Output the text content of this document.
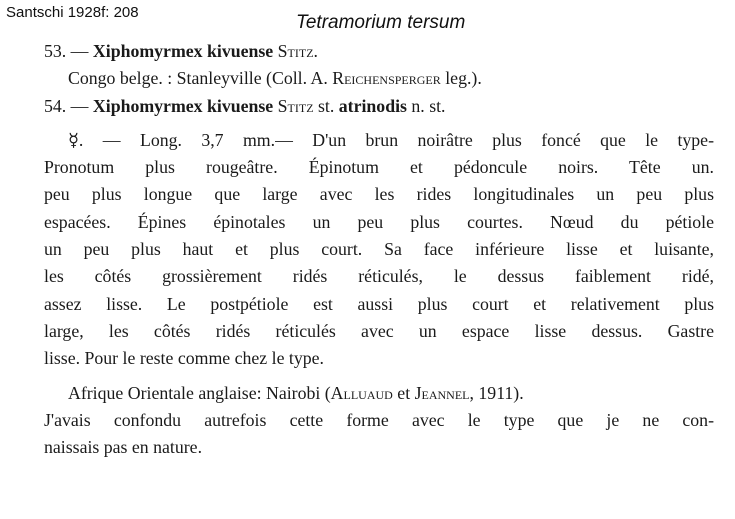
Santschi 1928f: 208	Tetramorium tersum
53. — Xiphomyrmex kivuense Stitz.
Congo belge. : Stanleyville (Coll. A. Reichensperger leg.).
54. — Xiphomyrmex kivuense Stitz st. atrinodis n. st.
☿. — Long. 3,7 mm.— D'un brun noirâtre plus foncé que le type-
Pronotum plus rougeâtre. Épinotum et pédoncule noirs. Tête un.
peu plus longue que large avec les rides longitudinales un peu plus
espacées. Épines épinotales un peu plus courtes. Nœud du pétiole
un peu plus haut et plus court. Sa face inférieure lisse et luisante,
les côtés grossièrement ridés réticulés, le dessus faiblement ridé,
assez lisse. Le postpétiole est aussi plus court et relativement plus
large, les côtés ridés réticulés avec un espace lisse dessus. Gastre
lisse. Pour le reste comme chez le type.
Afrique Orientale anglaise: Nairobi (Alluaud et Jeannel, 1911).
J'avais confondu autrefois cette forme avec le type que je ne con-
naissais pas en nature.
